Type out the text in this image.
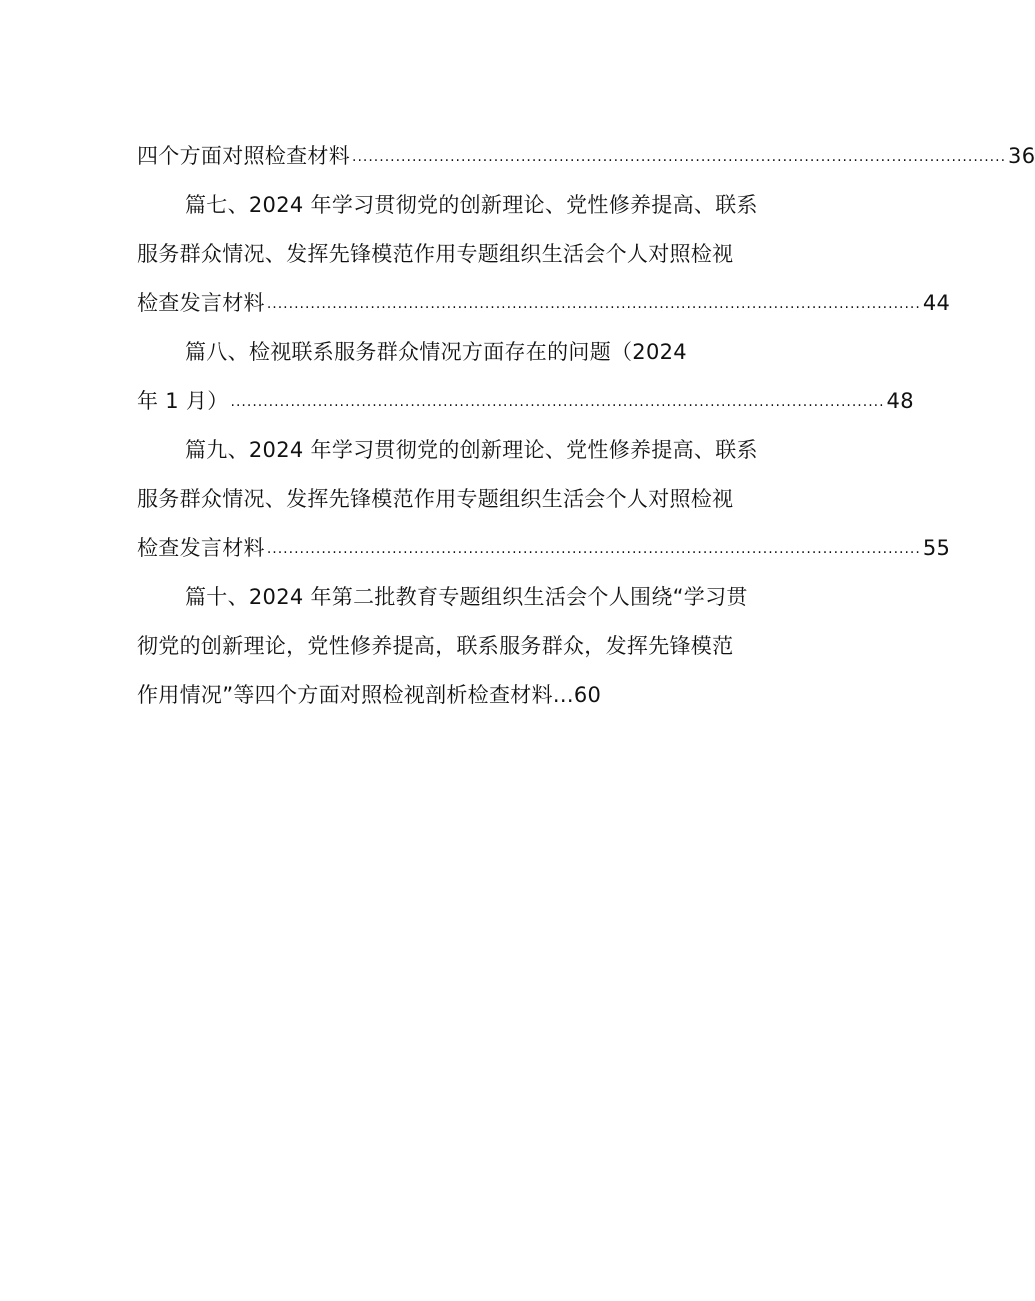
四个方面对照检查材料 ........................................................................................................................ 36
篇七、2024 年学习贯彻党的创新理论、党性修养提高、联系
服务群众情况、发挥先锋模范作用专题组织生活会个人对照检视
检查发言材料 ........................................................................................................................ 44
篇八、检视联系服务群众情况方面存在的问题（2024
年 1 月） ........................................................................................................................ 48
篇九、2024 年学习贯彻党的创新理论、党性修养提高、联系
服务群众情况、发挥先锋模范作用专题组织生活会个人对照检视
检查发言材料 ........................................................................................................................ 55
篇十、2024 年第二批教育专题组织生活会个人围绕“学习贯
彻党的创新理论，党性修养提高，联系服务群众，发挥先锋模范
作用情况”等四个方面对照检视剖析检查材料 ... 60
